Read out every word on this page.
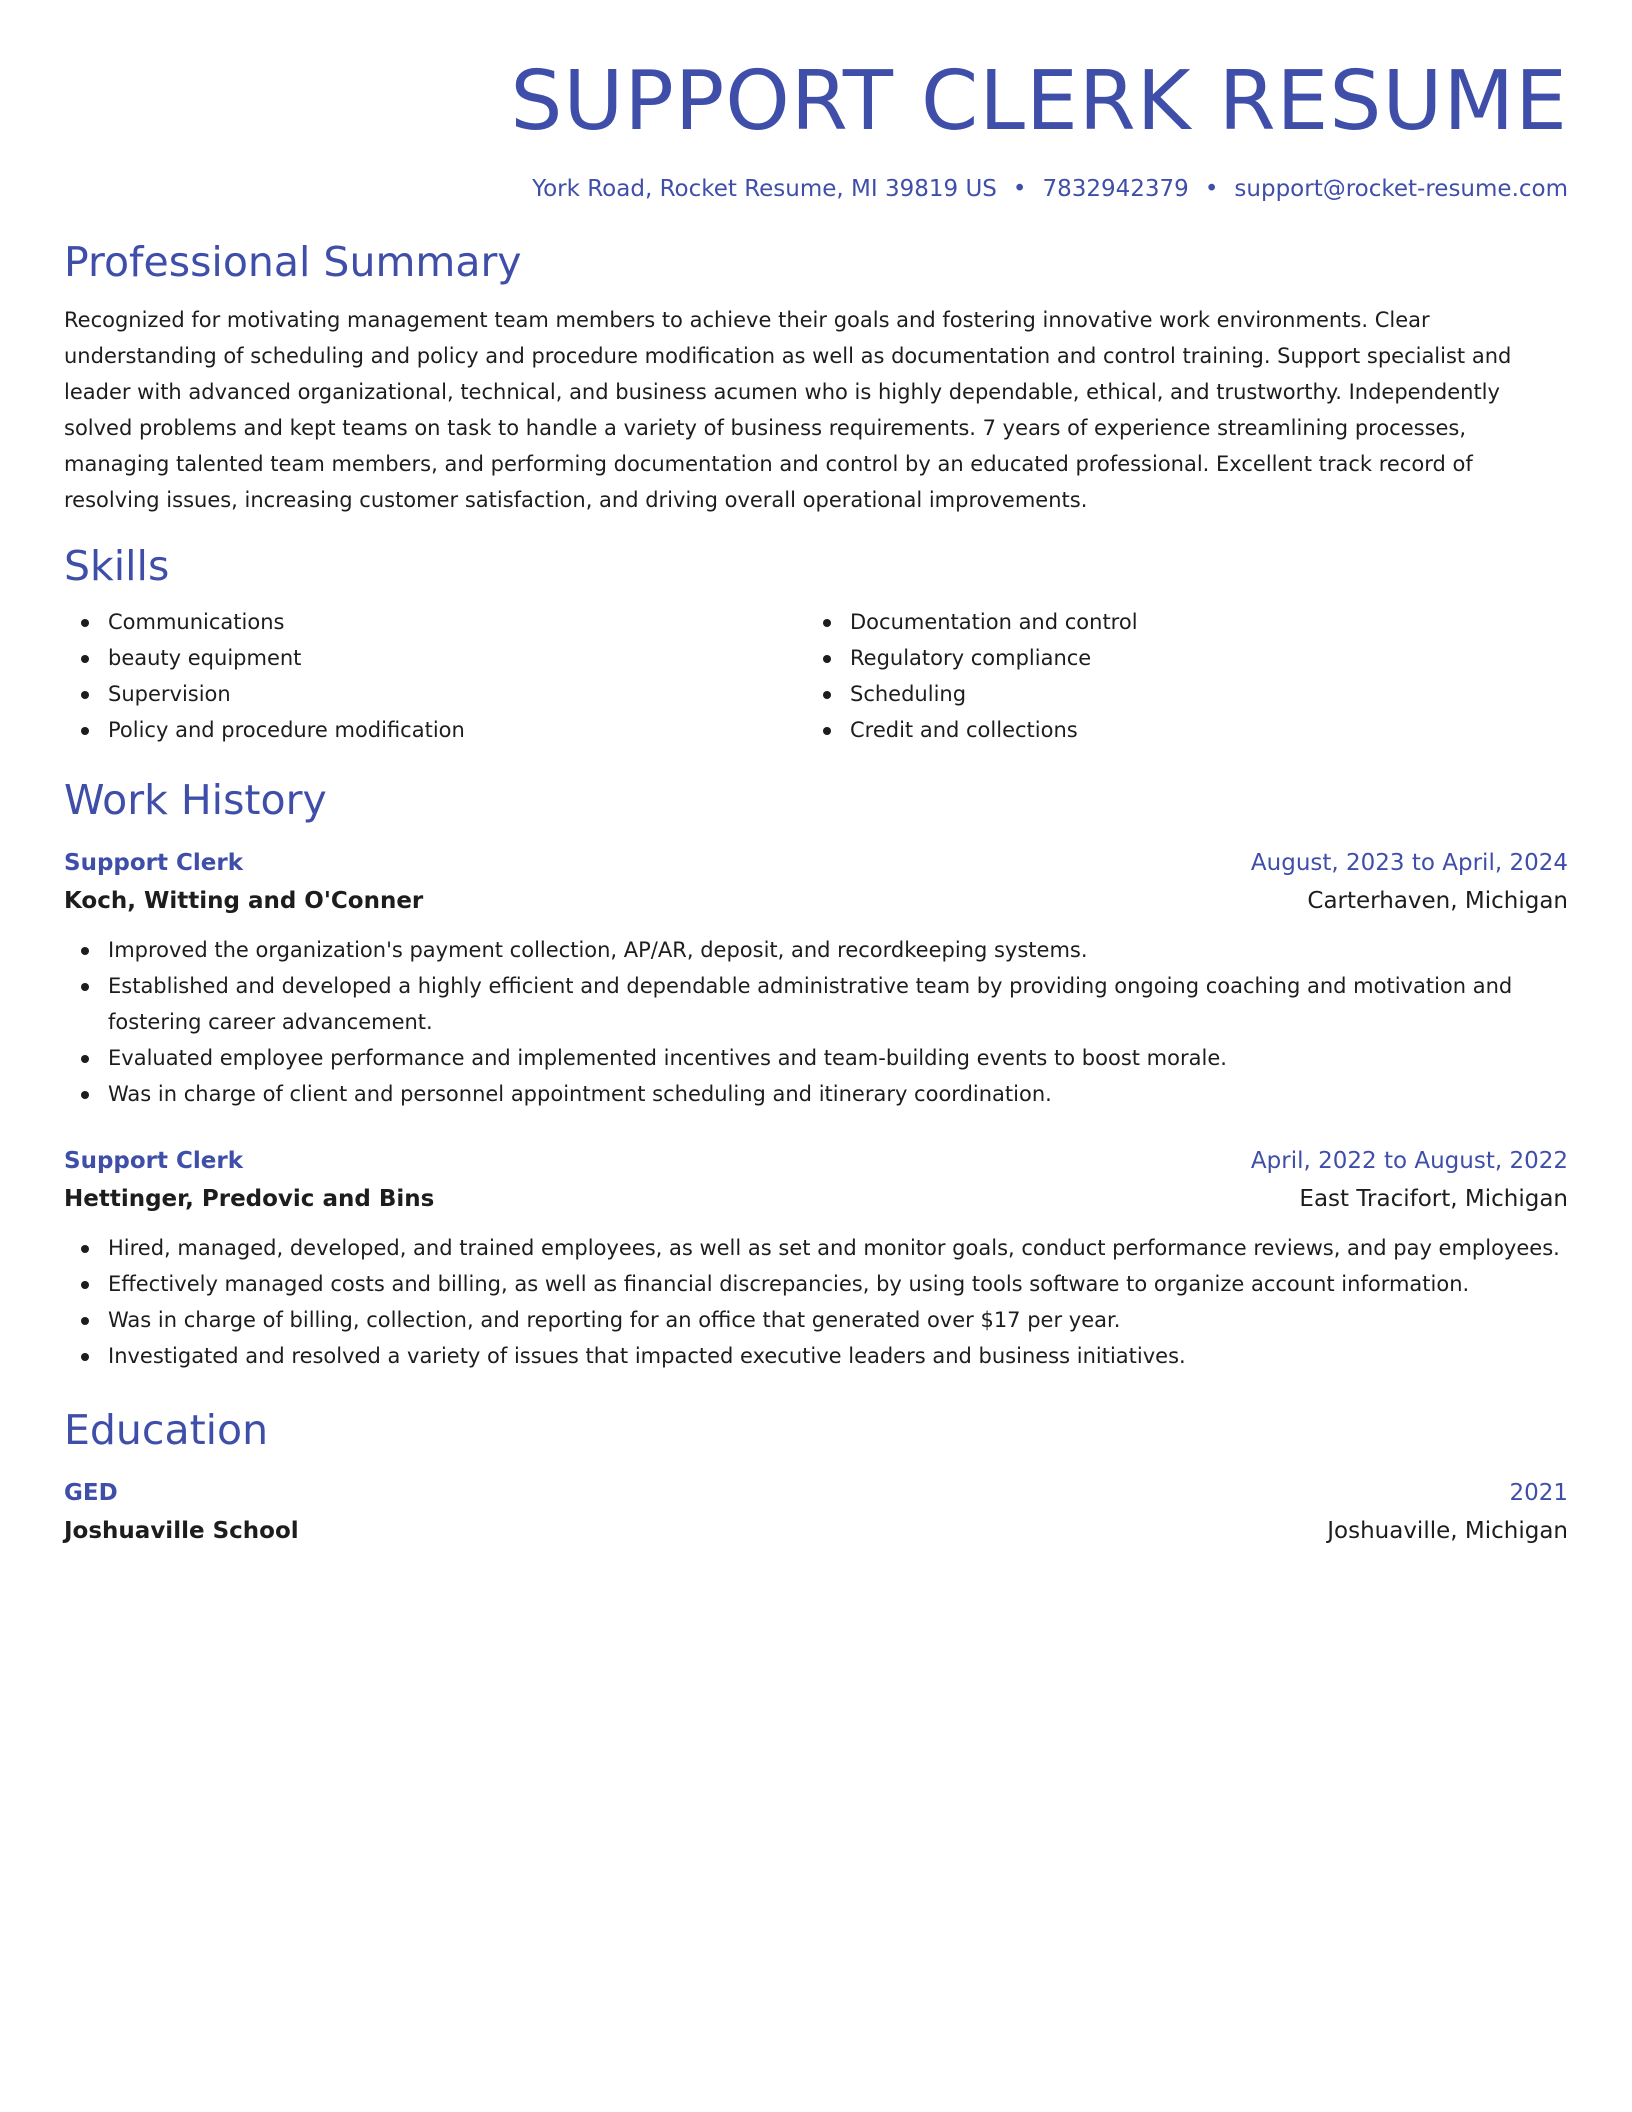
SUPPORT CLERK RESUME
York Road, Rocket Resume, MI 39819 US • 7832942379 • support@rocket-resume.com
Professional Summary

Recognized for motivating management team members to achieve their goals and fostering innovative work environments. Clear understanding of scheduling and policy and procedure modification as well as documentation and control training. Support specialist and leader with advanced organizational, technical, and business acumen who is highly dependable, ethical, and trustworthy. Independently solved problems and kept teams on task to handle a variety of business requirements. 7 years of experience streamlining processes, managing talented team members, and performing documentation and control by an educated professional. Excellent track record of resolving issues, increasing customer satisfaction, and driving overall operational improvements.

Skills
Communications
beauty equipment
Supervision
Policy and procedure modification
Documentation and control
Regulatory compliance
Scheduling
Credit and collections
Work History
Support Clerk	August, 2023 to April, 2024
Koch, Witting and O'Conner	Carterhaven, Michigan
Improved the organization's payment collection, AP/AR, deposit, and recordkeeping systems.
Established and developed a highly efficient and dependable administrative team by providing ongoing coaching and motivation and fostering career advancement.
Evaluated employee performance and implemented incentives and team-building events to boost morale.
Was in charge of client and personnel appointment scheduling and itinerary coordination.
Support Clerk	April, 2022 to August, 2022
Hettinger, Predovic and Bins	East Tracifort, Michigan
Hired, managed, developed, and trained employees, as well as set and monitor goals, conduct performance reviews, and pay employees.
Effectively managed costs and billing, as well as financial discrepancies, by using tools software to organize account information.
Was in charge of billing, collection, and reporting for an office that generated over $17 per year.
Investigated and resolved a variety of issues that impacted executive leaders and business initiatives.
Education
GED	2021
Joshuaville School	Joshuaville, Michigan
